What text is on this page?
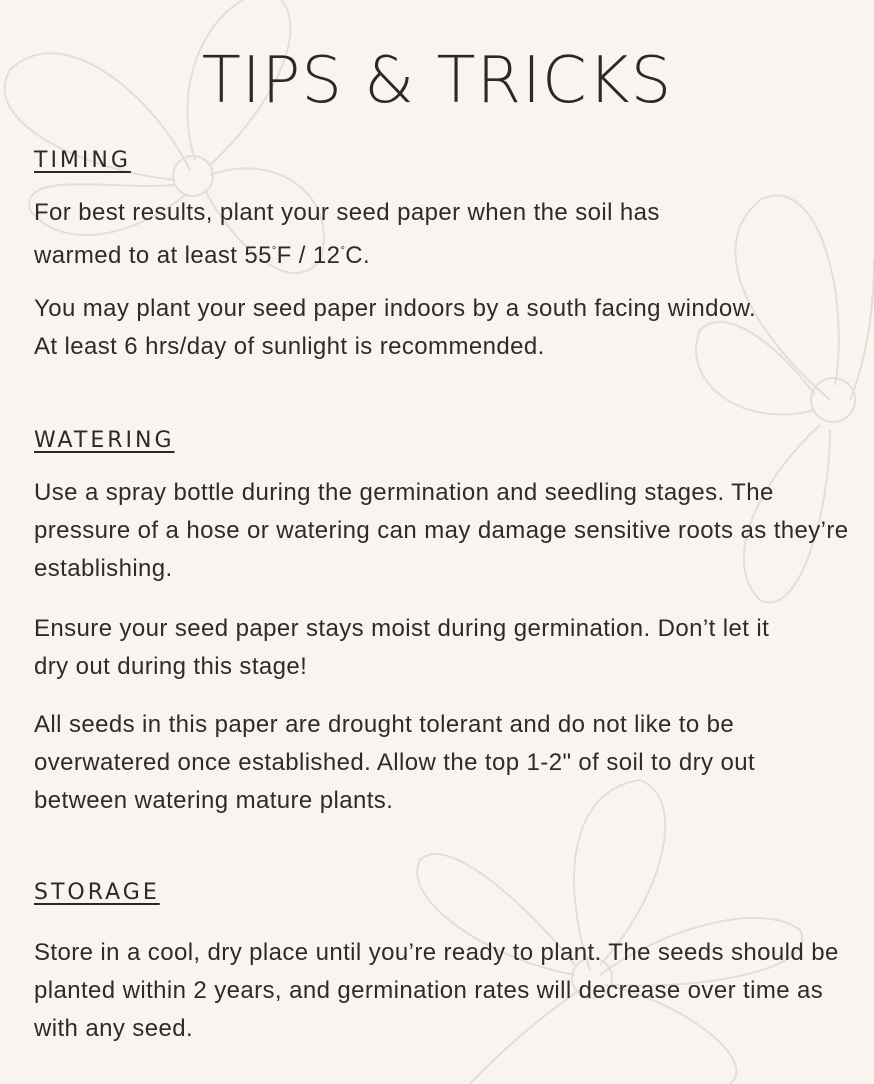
TIPS & TRICKS
TIMING
For best results, plant your seed paper when the soil has
warmed to at least 55°F / 12°C.
You may plant your seed paper indoors by a south facing window. At least 6 hrs/day of sunlight is recommended.
WATERING
Use a spray bottle during the germination and seedling stages. The pressure of a hose or watering can may damage sensitive roots as they’re establishing.
Ensure your seed paper stays moist during germination. Don’t let it dry out during this stage!
All seeds in this paper are drought tolerant and do not like to be overwatered once established. Allow the top 1-2" of soil to dry out between watering mature plants.
STORAGE
Store in a cool, dry place until you’re ready to plant. The seeds should be planted within 2 years, and germination rates will decrease over time as with any seed.
